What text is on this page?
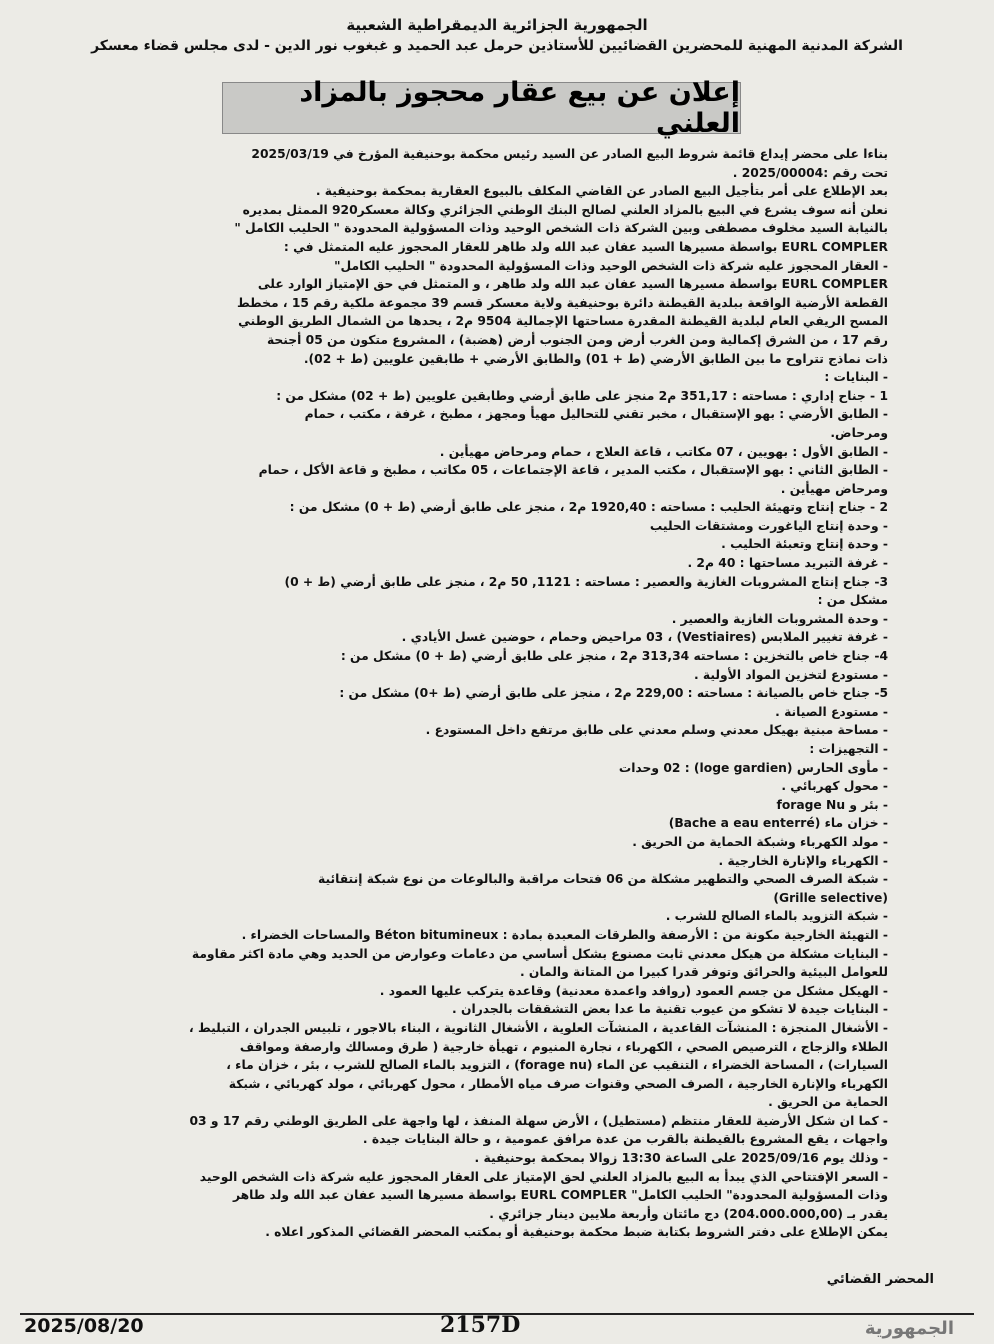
الجمهورية الجزائرية الديمقراطية الشعبية
الشركة المدنية المهنية للمحضرين القضائيين للأستاذين حرمل عبد الحميد و غبغوب نور الدين - لدى مجلس قضاء معسكر
إعلان عن بيع عقار محجوز بالمزاد العلني

بناءا على محضر إيداع قائمة شروط البيع الصادر عن السيد رئيس محكمة بوحنيفية المؤرخ في 2025/03/19

تحت رقم :2025/00004 .

بعد الإطلاع على أمر بتأجيل البيع الصادر عن القاضي المكلف بالبيوع العقارية بمحكمة بوحنيفية .

نعلن أنه سوف يشرع في البيع بالمزاد العلني لصالح البنك الوطني الجزائري وكالة معسكر920 الممثل بمديره

بالنيابة السيد مخلوف مصطفى وبين الشركة ذات الشخص الوحيد وذات المسؤولية المحدودة " الحليب الكامل "

EURL COMPLER بواسطة مسيرها السيد عفان عبد الله ولد طاهر للعقار المحجوز عليه المتمثل في :

- العقار المحجوز عليه شركة ذات الشخص الوحيد وذات المسؤولية المحدودة " الحليب الكامل"

EURL COMPLER بواسطة مسيرها السيد عفان عبد الله ولد طاهر ، و المتمثل في حق الإمتياز الوارد على

القطعة الأرضية الواقعة ببلدية القيطنة دائرة بوحنيفية ولاية معسكر قسم 39 مجموعة ملكية رقم 15 ، مخطط

المسح الريفي العام لبلدية القيطنة المقدرة مساحتها الإجمالية 9504 م2 ، يحدها من الشمال الطريق الوطني

رقم 17 ، من الشرق إكمالية ومن الغرب أرض ومن الجنوب أرض (هضبة) ، المشروع متكون من 05 أجنحة

ذات نماذج تتراوح ما بين الطابق الأرضي (ط + 01) والطابق الأرضي + طابقين علويين (ط + 02).

- البنايات :

1 - جناح إداري : مساحته : 351,17 م2 منجز على طابق أرضي وطابقين علويين (ط + 02) مشكل من :

- الطابق الأرضي : بهو الإستقبال ، مخبر تقني للتحاليل مهيأ ومجهز ، مطبخ ، غرفة ، مكتب ، حمام

ومرحاض.

- الطابق الأول : بهويين ، 07 مكاتب ، قاعة العلاج ، حمام ومرحاض مهيأين .

- الطابق الثاني : بهو الإستقبال ، مكتب المدير ، قاعة الإجتماعات ، 05 مكاتب ، مطبخ و قاعة الأكل ، حمام

ومرحاض مهيأين .

2 - جناح إنتاج وتهيئة الحليب : مساحته : 1920,40 م2 ، منجز على طابق أرضي (ط + 0) مشكل من :

- وحدة إنتاج الياغورت ومشتقات الحليب

- وحدة إنتاج وتعبئة الحليب .

- غرفة التبريد مساحتها : 40 م2 .

3- جناح إنتاج المشروبات الغازية والعصير : مساحته : 1121, 50 م2 ، منجز على طابق أرضي (ط + 0)

مشكل من :

- وحدة المشروبات الغازية والعصير .

- غرفة تغيير الملابس (Vestiaires) ، 03 مراحيض وحمام ، حوضين غسل الأيادي .

4- جناح خاص بالتخزين : مساحته 313,34 م2 ، منجز على طابق أرضي (ط + 0) مشكل من :

- مستودع لتخزين المواد الأولية .

5- جناح خاص بالصيانة : مساحته : 229,00 م2 ، منجز على طابق أرضي (ط +0) مشكل من :

- مستودع الصيانة .

- مساحة مبنية بهيكل معدني وسلم معدني على طابق مرتفع داخل المستودع .

- التجهيزات :

- مأوى الحارس (loge gardien) : 02 وحدات

- محول كهربائي .

- بئر و forage Nu

- خزان ماء (Bache a eau enterré)

- مولد الكهرباء وشبكة الحماية من الحريق .

- الكهرباء والإنارة الخارجية .

- شبكة الصرف الصحي والتطهير مشكلة من 06 فتحات مراقبة والبالوعات من نوع شبكة إنتقائية

(Grille selective)

- شبكة التزويد بالماء الصالح للشرب .

- التهيئة الخارجية مكونة من : الأرصفة والطرقات المعبدة بمادة : Béton bitumineux والمساحات الخضراء .

- البنايات مشكلة من هيكل معدني ثابت مصنوع بشكل أساسي من دعامات وعوارض من الحديد وهي مادة اكثر مقاومة

للعوامل البيئية والحرائق وتوفر قدرا كبيرا من المتانة والمان .

- الهيكل مشكل من جسم العمود (روافد واعمدة معدنية) وقاعدة يتركب عليها العمود .

- البنايات جيدة لا تشكو من عيوب تقنية ما عدا بعض التشققات بالجدران .

- الأشغال المنجزة : المنشآت القاعدية ، المنشآت العلوية ، الأشغال الثانوية ، البناء بالاجور ، تلبيس الجدران ، التبليط ،

الطلاء والزجاج ، الترصيص الصحي ، الكهرباء ، نجارة المنيوم ، تهيأة خارجية ( طرق ومسالك وارصفة ومواقف

السيارات) ، المساحة الخضراء ، التنقيب عن الماء (forage nu) ، التزويد بالماء الصالح للشرب ، بئر ، خزان ماء ،

الكهرباء والإنارة الخارجية ، الصرف الصحي وقنوات صرف مياه الأمطار ، محول كهربائي ، مولد كهربائي ، شبكة

الحماية من الحريق .

- كما ان شكل الأرضية للعقار منتظم (مستطيل) ، الأرض سهلة المنفذ ، لها واجهة على الطريق الوطني رقم 17 و 03

واجهات ، يقع المشروع بالقيطنة بالقرب من عدة مرافق عمومية ، و حالة البنايات جيدة .

- وذلك يوم 2025/09/16 على الساعة 13:30 زوالا بمحكمة بوحنيفية .

- السعر الإفتتاحي الذي يبدأ به البيع بالمزاد العلني لحق الإمتياز على العقار المحجوز عليه شركة ذات الشخص الوحيد

وذات المسؤولية المحدودة" الحليب الكامل" EURL COMPLER بواسطة مسيرها السيد عفان عبد الله ولد طاهر

يقدر بـ (204.000.000,00) دج مائتان وأربعة ملايين دينار جزائري .

يمكن الإطلاع على دفتر الشروط بكتابة ضبط محكمة بوحنيفية أو بمكتب المحضر القضائي المذكور اعلاه .

المحضر القضائي
2025/08/20	2157D	الجمهورية
